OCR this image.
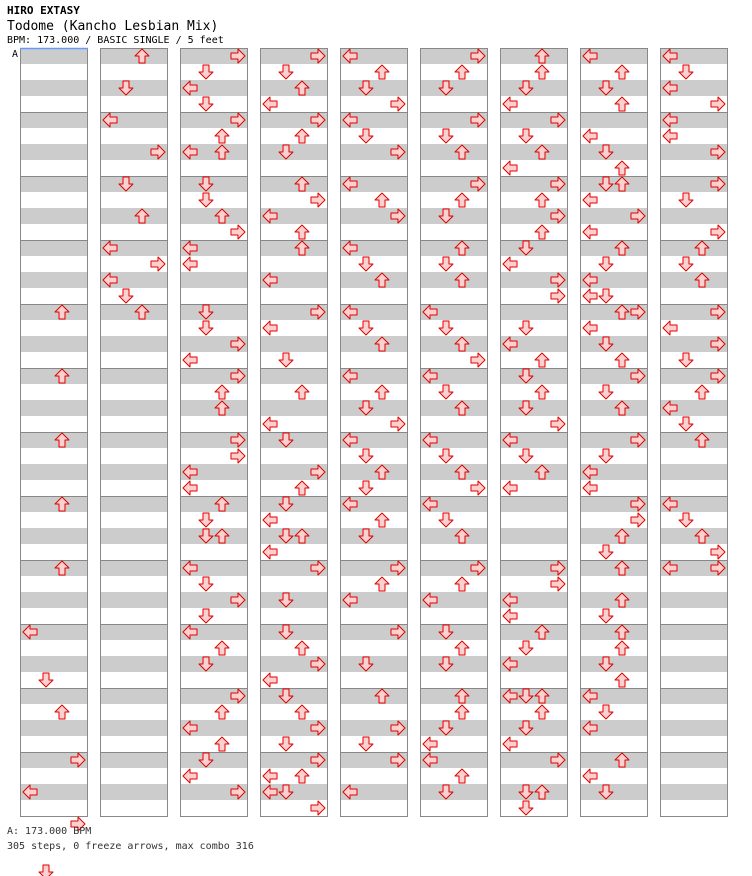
HIRO EXTASY
Todome (Kancho Lesbian Mix)
BPM: 173.000 / BASIC SINGLE / 5 feet
A
A: 173.000 BPM
305 steps, 0 freeze arrows, max combo 316
